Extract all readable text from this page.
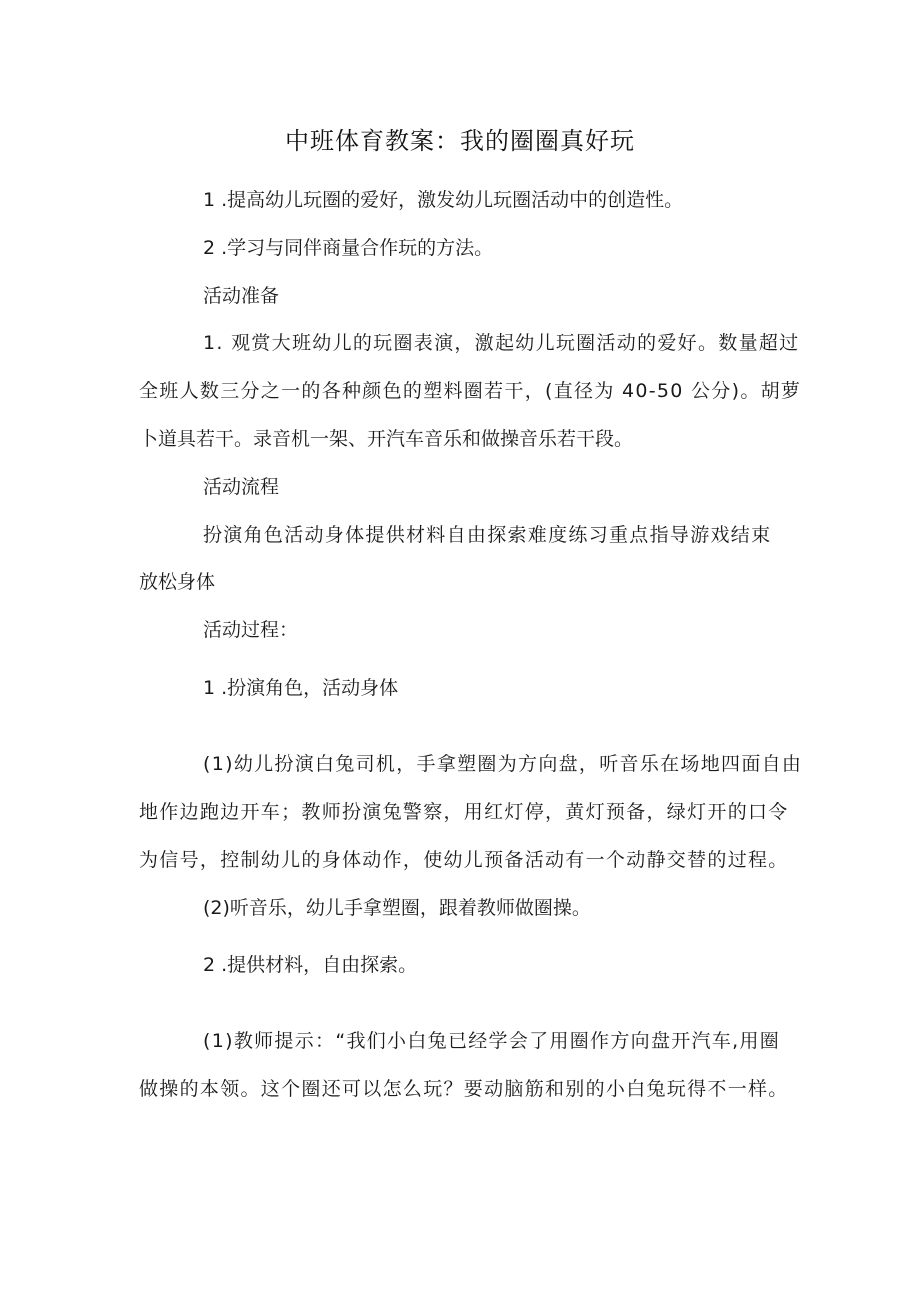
中班体育教案：我的圈圈真好玩
1 .提高幼儿玩圈的爱好，激发幼儿玩圈活动中的创造性。
2 .学习与同伴商量合作玩的方法。
活动准备
1. 观赏大班幼儿的玩圈表演，激起幼儿玩圈活动的爱好。数量超过
全班人数三分之一的各种颜色的塑料圈若干，(直径为 40-50 公分)。胡萝
卜道具若干。录音机一架、开汽车音乐和做操音乐若干段。
活动流程
扮演角色活动身体提供材料自由探索难度练习重点指导游戏结束
放松身体
活动过程：
1 .扮演角色，活动身体
(1)幼儿扮演白兔司机，手拿塑圈为方向盘，听音乐在场地四面自由
地作边跑边开车；教师扮演兔警察，用红灯停，黄灯预备，绿灯开的口令
为信号，控制幼儿的身体动作，使幼儿预备活动有一个动静交替的过程。
(2)听音乐，幼儿手拿塑圈，跟着教师做圈操。
2 .提供材料，自由探索。
(1)教师提示：“我们小白兔已经学会了用圈作方向盘开汽车,用圈
做操的本领。这个圈还可以怎么玩？要动脑筋和别的小白兔玩得不一样。
